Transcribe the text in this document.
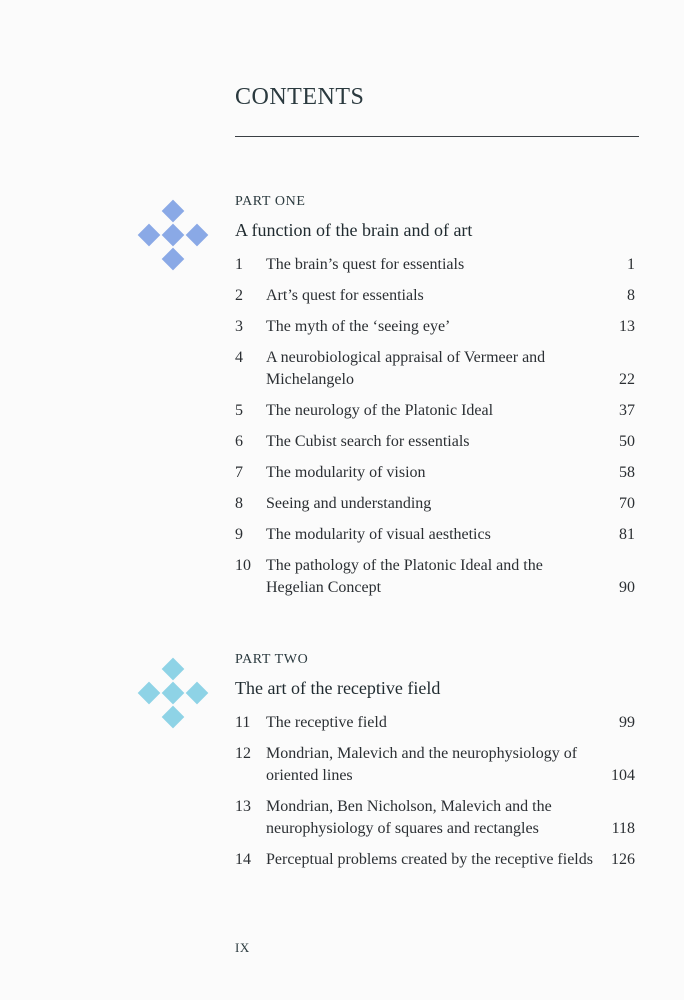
CONTENTS
PART ONE
A function of the brain and of art
1	The brain’s quest for essentials	1
2	Art’s quest for essentials	8
3	The myth of the ‘seeing eye’	13
4	A neurobiological appraisal of Vermeer and Michelangelo	22
5	The neurology of the Platonic Ideal	37
6	The Cubist search for essentials	50
7	The modularity of vision	58
8	Seeing and understanding	70
9	The modularity of visual aesthetics	81
10 The pathology of the Platonic Ideal and the Hegelian Concept	90
PART TWO
The art of the receptive field
11 The receptive field	99
12 Mondrian, Malevich and the neurophysiology of oriented lines	104
13 Mondrian, Ben Nicholson, Malevich and the neurophysiology of squares and rectangles	118
14 Perceptual problems created by the receptive fields 126
IX
